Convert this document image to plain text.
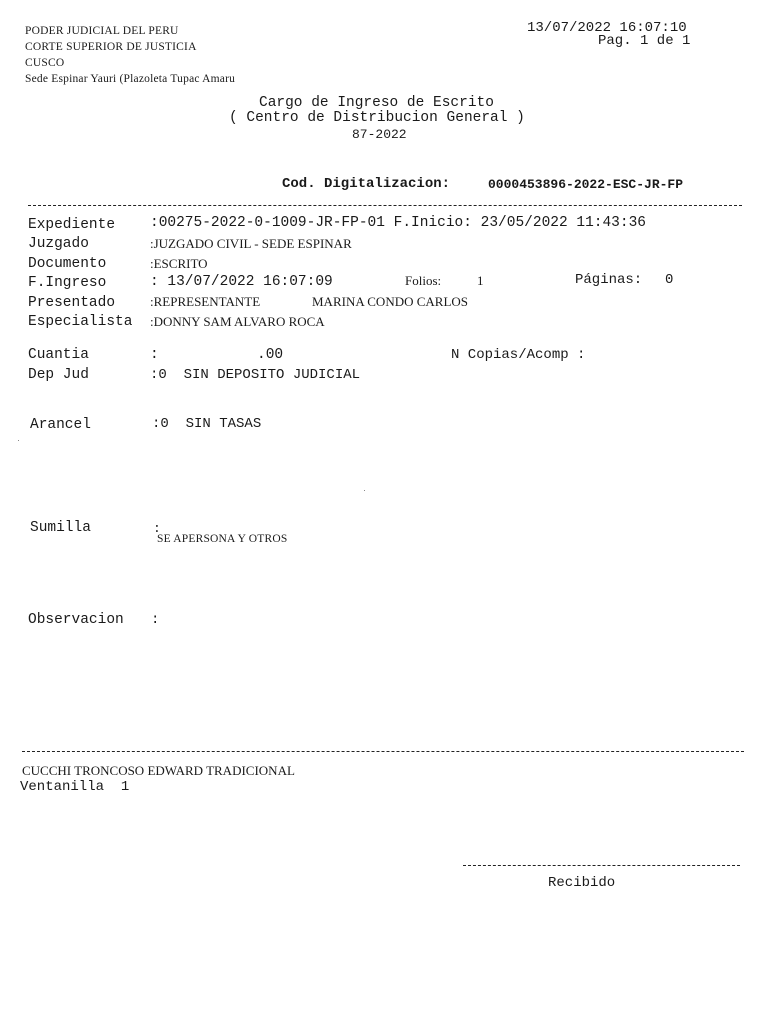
PODER JUDICIAL DEL PERU
CORTE SUPERIOR DE JUSTICIA
CUSCO
Sede Espinar Yauri (Plazoleta Tupac Amaru
13/07/2022 16:07:10
Pag. 1 de 1
Cargo de Ingreso de Escrito
( Centro de Distribucion General )
87-2022
Cod. Digitalizacion:	0000453896-2022-ESC-JR-FP
Expediente :00275-2022-0-1009-JR-FP-01 F.Inicio: 23/05/2022 11:43:36
Juzgado	:JUZGADO CIVIL - SEDE ESPINAR
Documento	:ESCRITO
F.Ingreso	: 13/07/2022 16:07:09	Folios:	1	Páginas: 0
Presentado	:REPRESENTANTE	MARINA CONDO CARLOS
Especialista :DONNY SAM ALVARO ROCA
Cuantia	:	.00	N Copias/Acomp :
Dep Jud	:0  SIN DEPOSITO JUDICIAL
Arancel	:0  SIN TASAS
Sumilla	:
SE APERSONA Y OTROS
Observacion :
CUCCHI TRONCOSO EDWARD TRADICIONAL
Ventanilla  1
Recibido
